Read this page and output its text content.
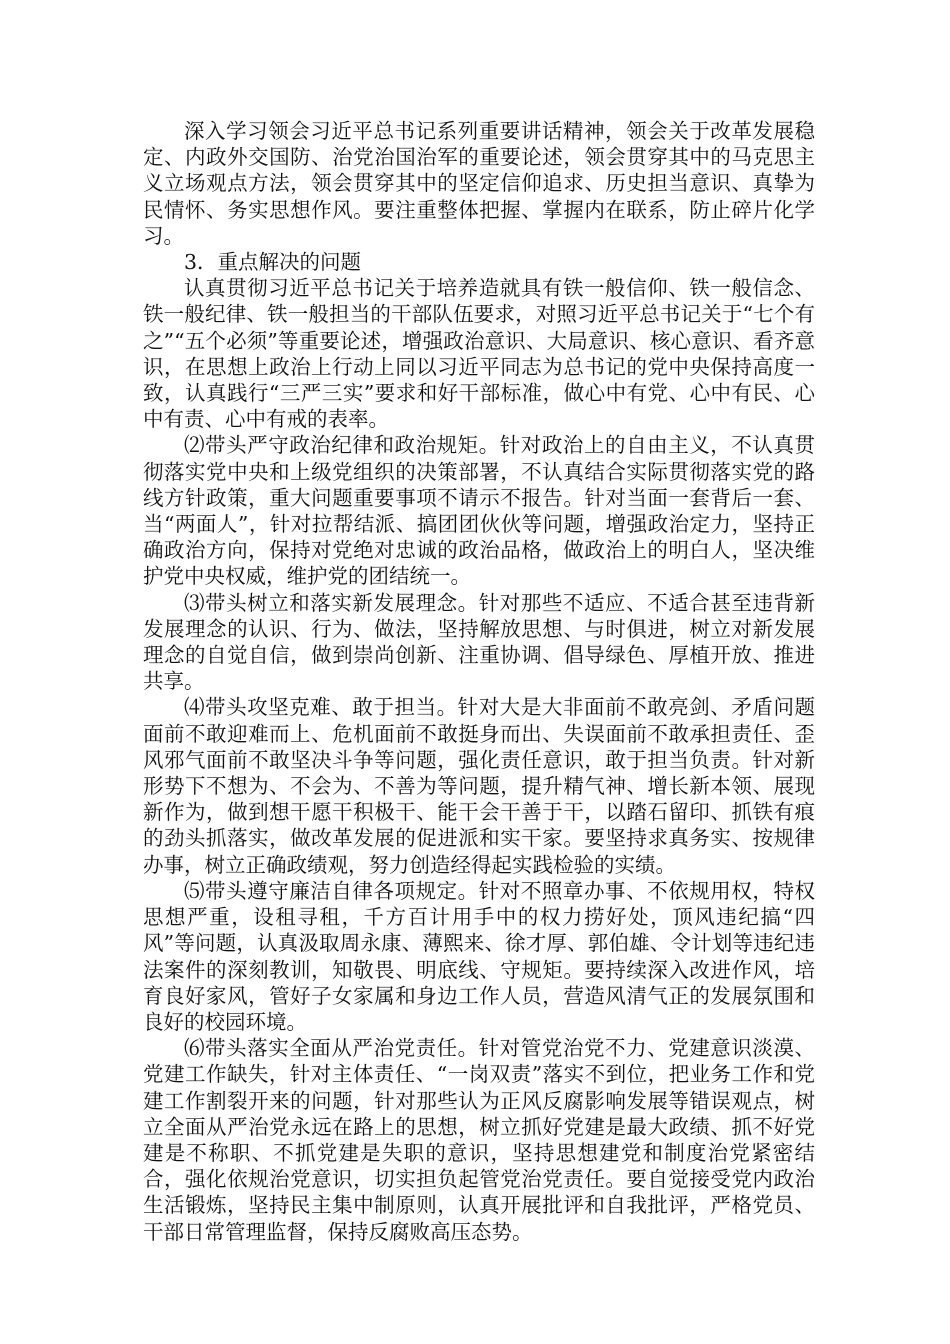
深入学习领会习近平总书记系列重要讲话精神，领会关于改革发展稳定、内政外交国防、治党治国治军的重要论述，领会贯穿其中的马克思主义立场观点方法，领会贯穿其中的坚定信仰追求、历史担当意识、真挚为民情怀、务实思想作风。要注重整体把握、掌握内在联系，防止碎片化学习。

3．重点解决的问题

认真贯彻习近平总书记关于培养造就具有铁一般信仰、铁一般信念、铁一般纪律、铁一般担当的干部队伍要求，对照习近平总书记关于“七个有之”“五个必须”等重要论述，增强政治意识、大局意识、核心意识、看齐意识，在思想上政治上行动上同以习近平同志为总书记的党中央保持高度一致，认真践行“三严三实”要求和好干部标准，做心中有党、心中有民、心中有责、心中有戒的表率。

⑵带头严守政治纪律和政治规矩。针对政治上的自由主义，不认真贯彻落实党中央和上级党组织的决策部署，不认真结合实际贯彻落实党的路线方针政策，重大问题重要事项不请示不报告。针对当面一套背后一套、当“两面人”，针对拉帮结派、搞团团伙伙等问题，增强政治定力，坚持正确政治方向，保持对党绝对忠诚的政治品格，做政治上的明白人，坚决维护党中央权威，维护党的团结统一。

⑶带头树立和落实新发展理念。针对那些不适应、不适合甚至违背新发展理念的认识、行为、做法，坚持解放思想、与时俱进，树立对新发展理念的自觉自信，做到崇尚创新、注重协调、倡导绿色、厚植开放、推进共享。

⑷带头攻坚克难、敢于担当。针对大是大非面前不敢亮剑、矛盾问题面前不敢迎难而上、危机面前不敢挺身而出、失误面前不敢承担责任、歪风邪气面前不敢坚决斗争等问题，强化责任意识，敢于担当负责。针对新形势下不想为、不会为、不善为等问题，提升精气神、增长新本领、展现新作为，做到想干愿干积极干、能干会干善于干，以踏石留印、抓铁有痕的劲头抓落实，做改革发展的促进派和实干家。要坚持求真务实、按规律办事，树立正确政绩观，努力创造经得起实践检验的实绩。

⑸带头遵守廉洁自律各项规定。针对不照章办事、不依规用权，特权思想严重，设租寻租，千方百计用手中的权力捞好处，顶风违纪搞“四风”等问题，认真汲取周永康、薄熙来、徐才厚、郭伯雄、令计划等违纪违法案件的深刻教训，知敬畏、明底线、守规矩。要持续深入改进作风，培育良好家风，管好子女家属和身边工作人员，营造风清气正的发展氛围和良好的校园环境。

⑹带头落实全面从严治党责任。针对管党治党不力、党建意识淡漠、党建工作缺失，针对主体责任、“一岗双责”落实不到位，把业务工作和党建工作割裂开来的问题，针对那些认为正风反腐影响发展等错误观点，树立全面从严治党永远在路上的思想，树立抓好党建是最大政绩、抓不好党建是不称职、不抓党建是失职的意识，坚持思想建党和制度治党紧密结合，强化依规治党意识，切实担负起管党治党责任。要自觉接受党内政治生活锻炼，坚持民主集中制原则，认真开展批评和自我批评，严格党员、干部日常管理监督，保持反腐败高压态势。
